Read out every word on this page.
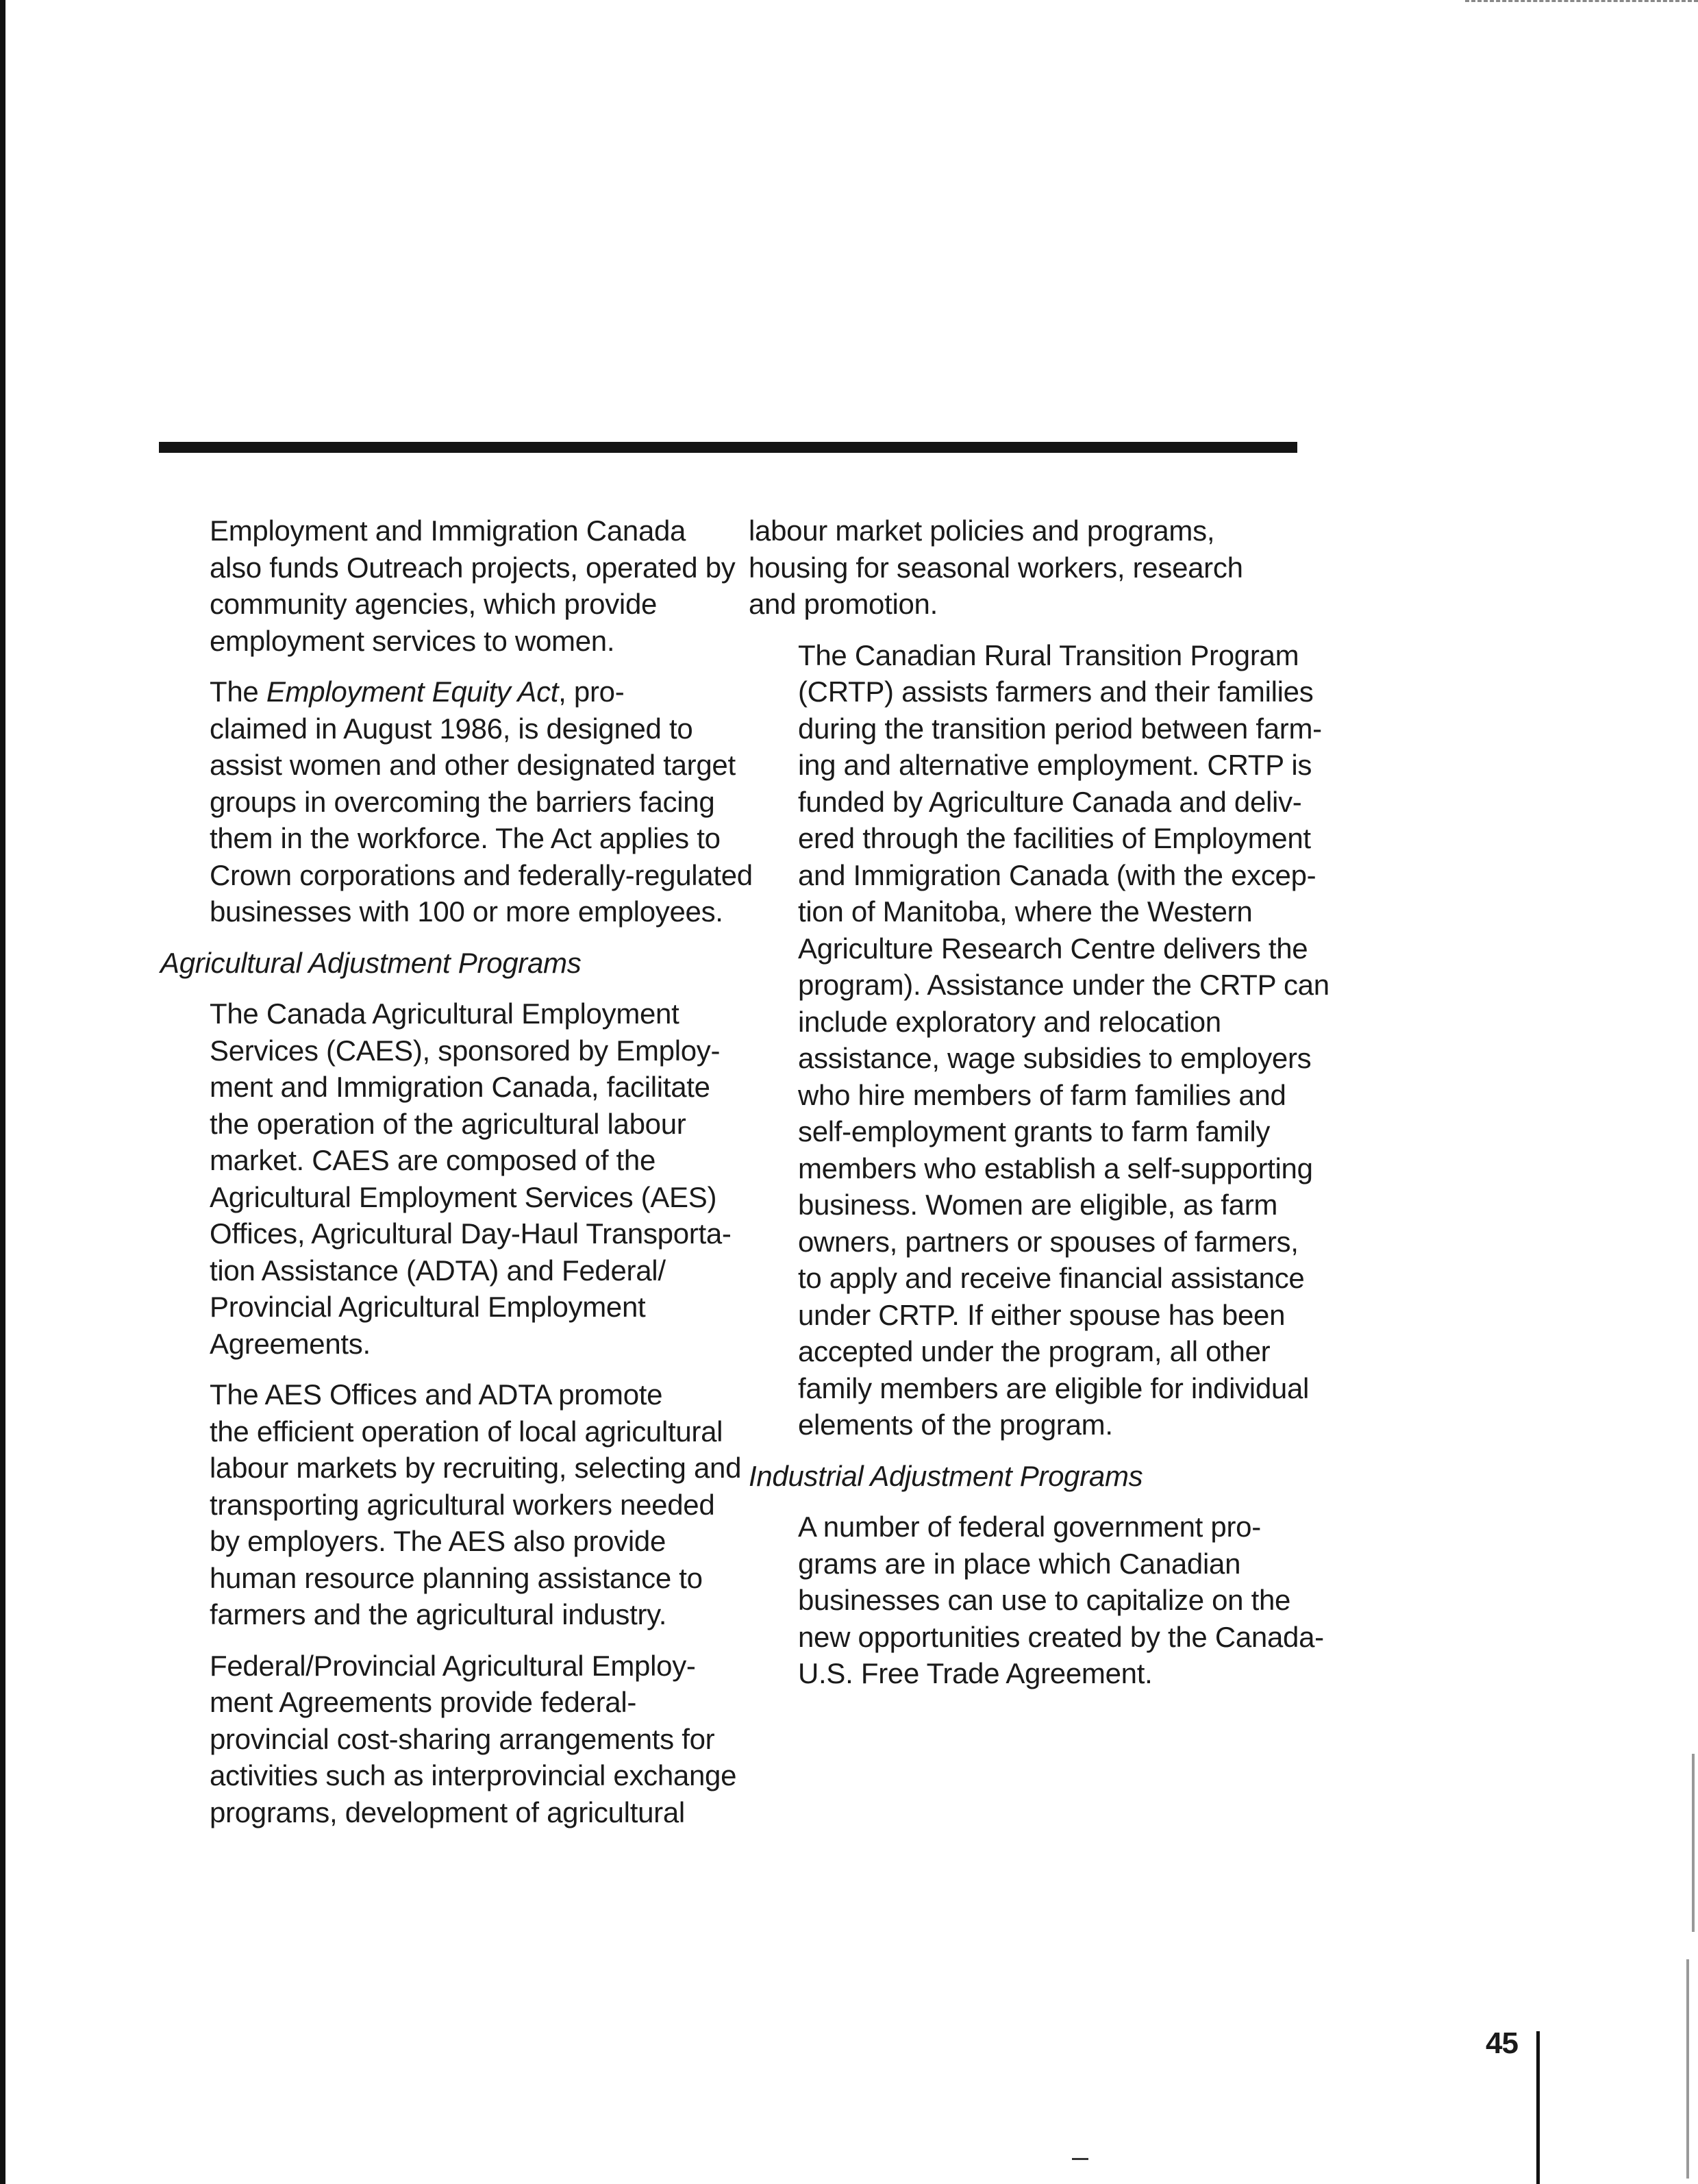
Employment and Immigration Canada
also funds Outreach projects, operated by
community agencies, which provide
employment services to women.

The Employment Equity Act, pro-
claimed in August 1986, is designed to
assist women and other designated target
groups in overcoming the barriers facing
them in the workforce. The Act applies to
Crown corporations and federally-regulated
businesses with 100 or more employees.

Agricultural Adjustment Programs

The Canada Agricultural Employment
Services (CAES), sponsored by Employ-
ment and Immigration Canada, facilitate
the operation of the agricultural labour
market. CAES are composed of the
Agricultural Employment Services (AES)
Offices, Agricultural Day-Haul Transporta-
tion Assistance (ADTA) and Federal/
Provincial Agricultural Employment
Agreements.

The AES Offices and ADTA promote
the efficient operation of local agricultural
labour markets by recruiting, selecting and
transporting agricultural workers needed
by employers. The AES also provide
human resource planning assistance to
farmers and the agricultural industry.

Federal/Provincial Agricultural Employ-
ment Agreements provide federal-
provincial cost-sharing arrangements for
activities such as interprovincial exchange
programs, development of agricultural

labour market policies and programs,
housing for seasonal workers, research
and promotion.

The Canadian Rural Transition Program
(CRTP) assists farmers and their families
during the transition period between farm-
ing and alternative employment. CRTP is
funded by Agriculture Canada and deliv-
ered through the facilities of Employment
and Immigration Canada (with the excep-
tion of Manitoba, where the Western
Agriculture Research Centre delivers the
program). Assistance under the CRTP can
include exploratory and relocation
assistance, wage subsidies to employers
who hire members of farm families and
self-employment grants to farm family
members who establish a self-supporting
business. Women are eligible, as farm
owners, partners or spouses of farmers,
to apply and receive financial assistance
under CRTP. If either spouse has been
accepted under the program, all other
family members are eligible for individual
elements of the program.

Industrial Adjustment Programs

A number of federal government pro-
grams are in place which Canadian
businesses can use to capitalize on the
new opportunities created by the Canada-
U.S. Free Trade Agreement.

45
